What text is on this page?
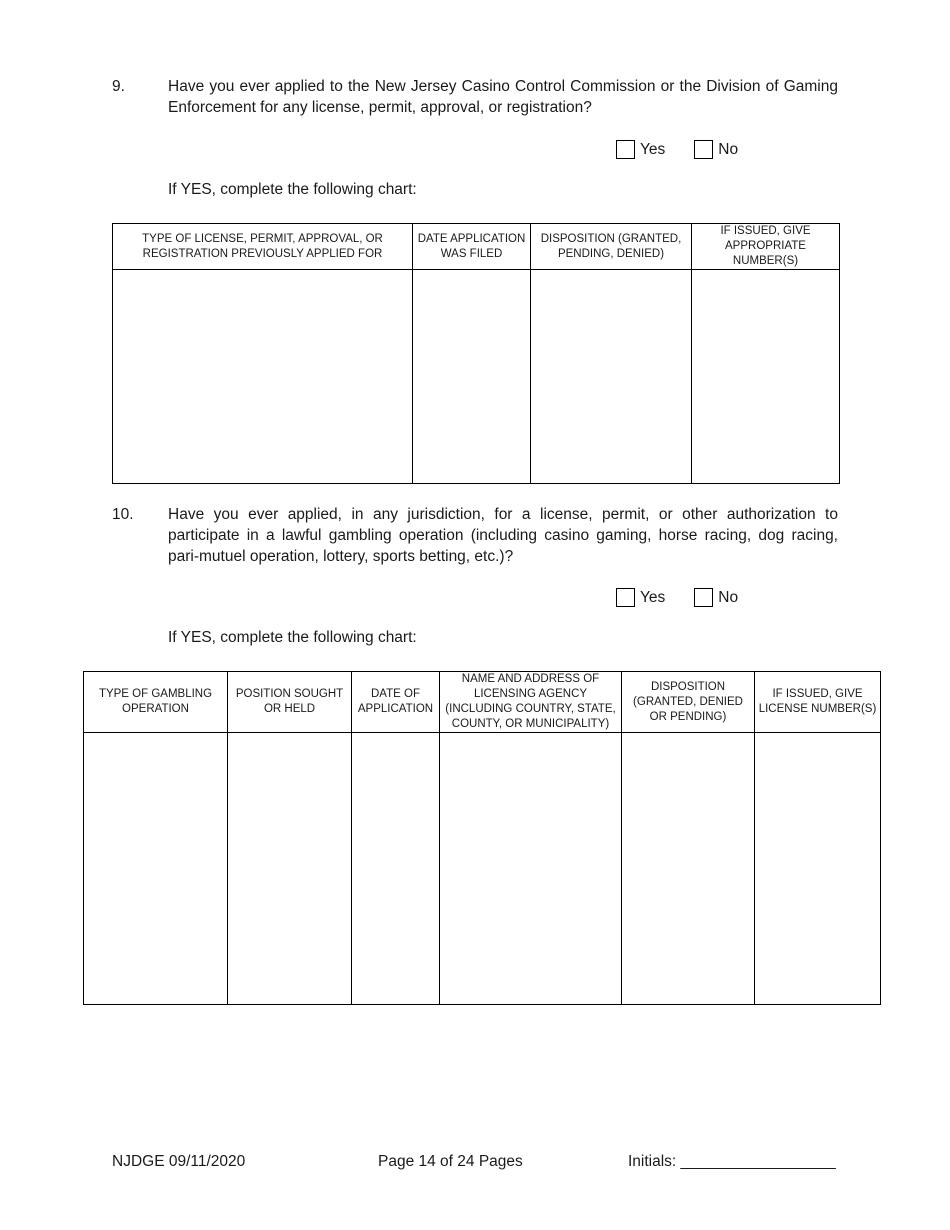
9.	Have you ever applied to the New Jersey Casino Control Commission or the Division of Gaming Enforcement for any license, permit, approval, or registration?
Yes	No
If YES, complete the following chart:
TYPE OF LICENSE, PERMIT, APPROVAL, OR REGISTRATION PREVIOUSLY APPLIED FOR	DATE APPLICATION WAS FILED	DISPOSITION (GRANTED, PENDING, DENIED)	IF ISSUED, GIVE APPROPRIATE NUMBER(S)

10. Have you ever applied, in any jurisdiction, for a license, permit, or other authorization to participate in a lawful gambling operation (including casino gaming, horse racing, dog racing, pari-mutuel operation, lottery, sports betting, etc.)?
Yes	No
If YES, complete the following chart:
TYPE OF GAMBLING OPERATION	POSITION SOUGHT OR HELD	DATE OF APPLICATION	NAME AND ADDRESS OF LICENSING AGENCY (INCLUDING COUNTRY, STATE, COUNTY, OR MUNICIPALITY)	DISPOSITION (GRANTED, DENIED OR PENDING)	IF ISSUED, GIVE LICENSE NUMBER(S)

NJDGE 09/11/2020	Page 14 of 24 Pages	Initials: __________________
